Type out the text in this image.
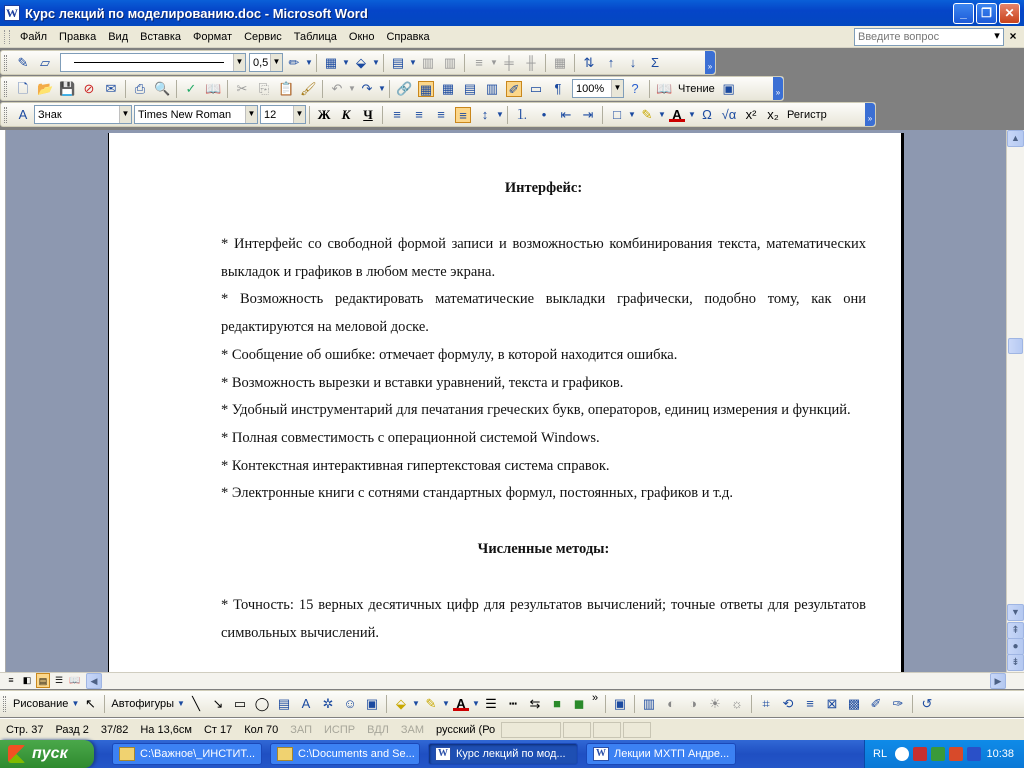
W Курс лекций по моделированию.doc - Microsoft Word	_	❐	✕
Файл	Правка	Вид	Вставка	Формат	Сервис	Таблица	Окно	Справка	Введите вопрос	▾ ×
✎ ▱	▼ 0,5 ▼ ✏ ▼ ▦ ▼ ⬙ ▼ ▤ ▼ ▥ ▥	≡ ▼ ╪ ╫ ▦ ⇅	↑	↓	Σ	»
🗋 📂 💾 ⊘ ✉ ⎙ 🔍 ✓ 📖 ✂ ⎘ 📋 🖌 ↶ ▼ ↷ ▼ 🔗 ▦ ▦ ▤ ▥ ✐ ▭ ¶	100%	▼ ?	📖 Чтение ▣	»
A Знак	▼ Times New Roman	▼ 12	▼ Ж К Ч	≡	≡	≡	≡	↕ ▼ ⒈	•	⇤ ⇥	□ ▼ ✎ ▼ A ▼ Ω √α x² x₂ Регистр	»
Интерфейс:

* Интерфейс со свободной формой записи и возможностью комбинирования текста, математических выкладок и графиков в любом месте экрана.

* Возможность редактировать математические выкладки графически, подобно тому, как они редактируются на меловой доске.

* Сообщение об ошибке: отмечает формулу, в которой находится ошибка.

* Возможность вырезки и вставки уравнений, текста и графиков.

* Удобный инструментарий для печатания греческих букв, операторов, единиц измерения и функций.

* Полная совместимость с операционной системой Windows.

* Контекстная интерактивная гипертекстовая система справок.

* Электронные книги с сотнями стандартных формул, постоянных, графиков и т.д.

Численные методы:

* Точность: 15 верных десятичных цифр для результатов вычислений; точные ответы для результатов символьных вычислений.

▲
▼
⇞
●
⇟
≡	◧ ▤ ☰ 📖	◀	▶
Рисование ▼ ↖ Автофигуры ▼ ╲ ↘ ▭ ◯ ▤ A ✲ ☺ ▣ ⬙ ▼ ✎ ▼ A ▼ ☰ ┅ ⇆ ■ ◼ » ▣ ▥ ◐	◑ ☀ ☼	⌗ ⟲ ≡ ⊠ ▩ ✐ ✑ ↺
Стр. 37	Разд 2	37/82	На 13,6см	Ст 17	Кол 70	ЗАП	ИСПР	ВДЛ	ЗАМ	русский (Ро
пуск	C:\Важное\_ИНСТИТ...	C:\Documents and Se...	W Курс лекций по мод...	W Лекции МХТП Андре...	RL	10:38
